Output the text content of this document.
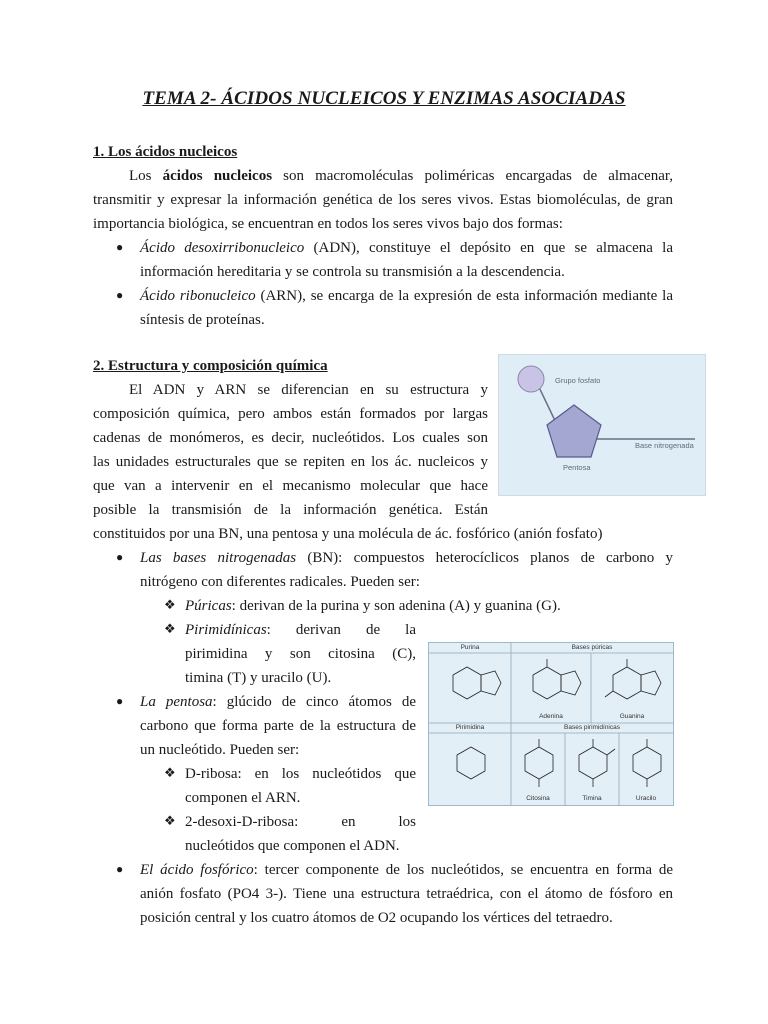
TEMA 2- ÁCIDOS NUCLEICOS Y ENZIMAS ASOCIADAS
1. Los ácidos nucleicos
Los ácidos nucleicos son macromoléculas poliméricas encargadas de almacenar,
transmitir y expresar la información genética de los seres vivos. Estas biomoléculas, de gran
importancia biológica, se encuentran en todos los seres vivos bajo dos formas:
● Ácido desoxirribonucleico (ADN), constituye el depósito en que se almacena la
información hereditaria y se controla su transmisión a la descendencia.
● Ácido ribonucleico (ARN), se encarga de la expresión de esta información mediante la
síntesis de proteínas.
2. Estructura y composición química
El ADN y ARN se diferencian en su estructura y
composición química, pero ambos están formados por largas
cadenas de monómeros, es decir, nucleótidos. Los cuales son
las unidades estructurales que se repiten en los ác. nucleicos y
que van a intervenir en el mecanismo molecular que hace
posible la transmisión de la información genética. Están
constituidos por una BN, una pentosa y una molécula de ác. fosfórico (anión fosfato)
● Las bases nitrogenadas (BN): compuestos heterocíclicos planos de carbono y
nitrógeno con diferentes radicales. Pueden ser:
❖ Púricas: derivan de la purina y son adenina (A) y guanina (G).
❖ Pirimidínicas: derivan de la
pirimidina y son citosina (C),
timina (T) y uracilo (U).
● La pentosa: glúcido de cinco átomos de
carbono que forma parte de la estructura de
un nucleótido. Pueden ser:
❖ D-ribosa: en los nucleótidos que
componen el ARN.
❖ 2-desoxi-D-ribosa: en los
nucleótidos que componen el ADN.
● El ácido fosfórico: tercer componente de los nucleótidos, se encuentra en forma de
anión fosfato (PO4 3-). Tiene una estructura tetraédrica, con el átomo de fósforo en
posición central y los cuatro átomos de O2 ocupando los vértices del tetraedro.
Grupo fosfato
Base nitrogenada
Pentosa
Purina	Bases púricas
Adenina	Guanina
Pirimidina	Bases pirimidínicas
Citosina	Timina	Uracilo
